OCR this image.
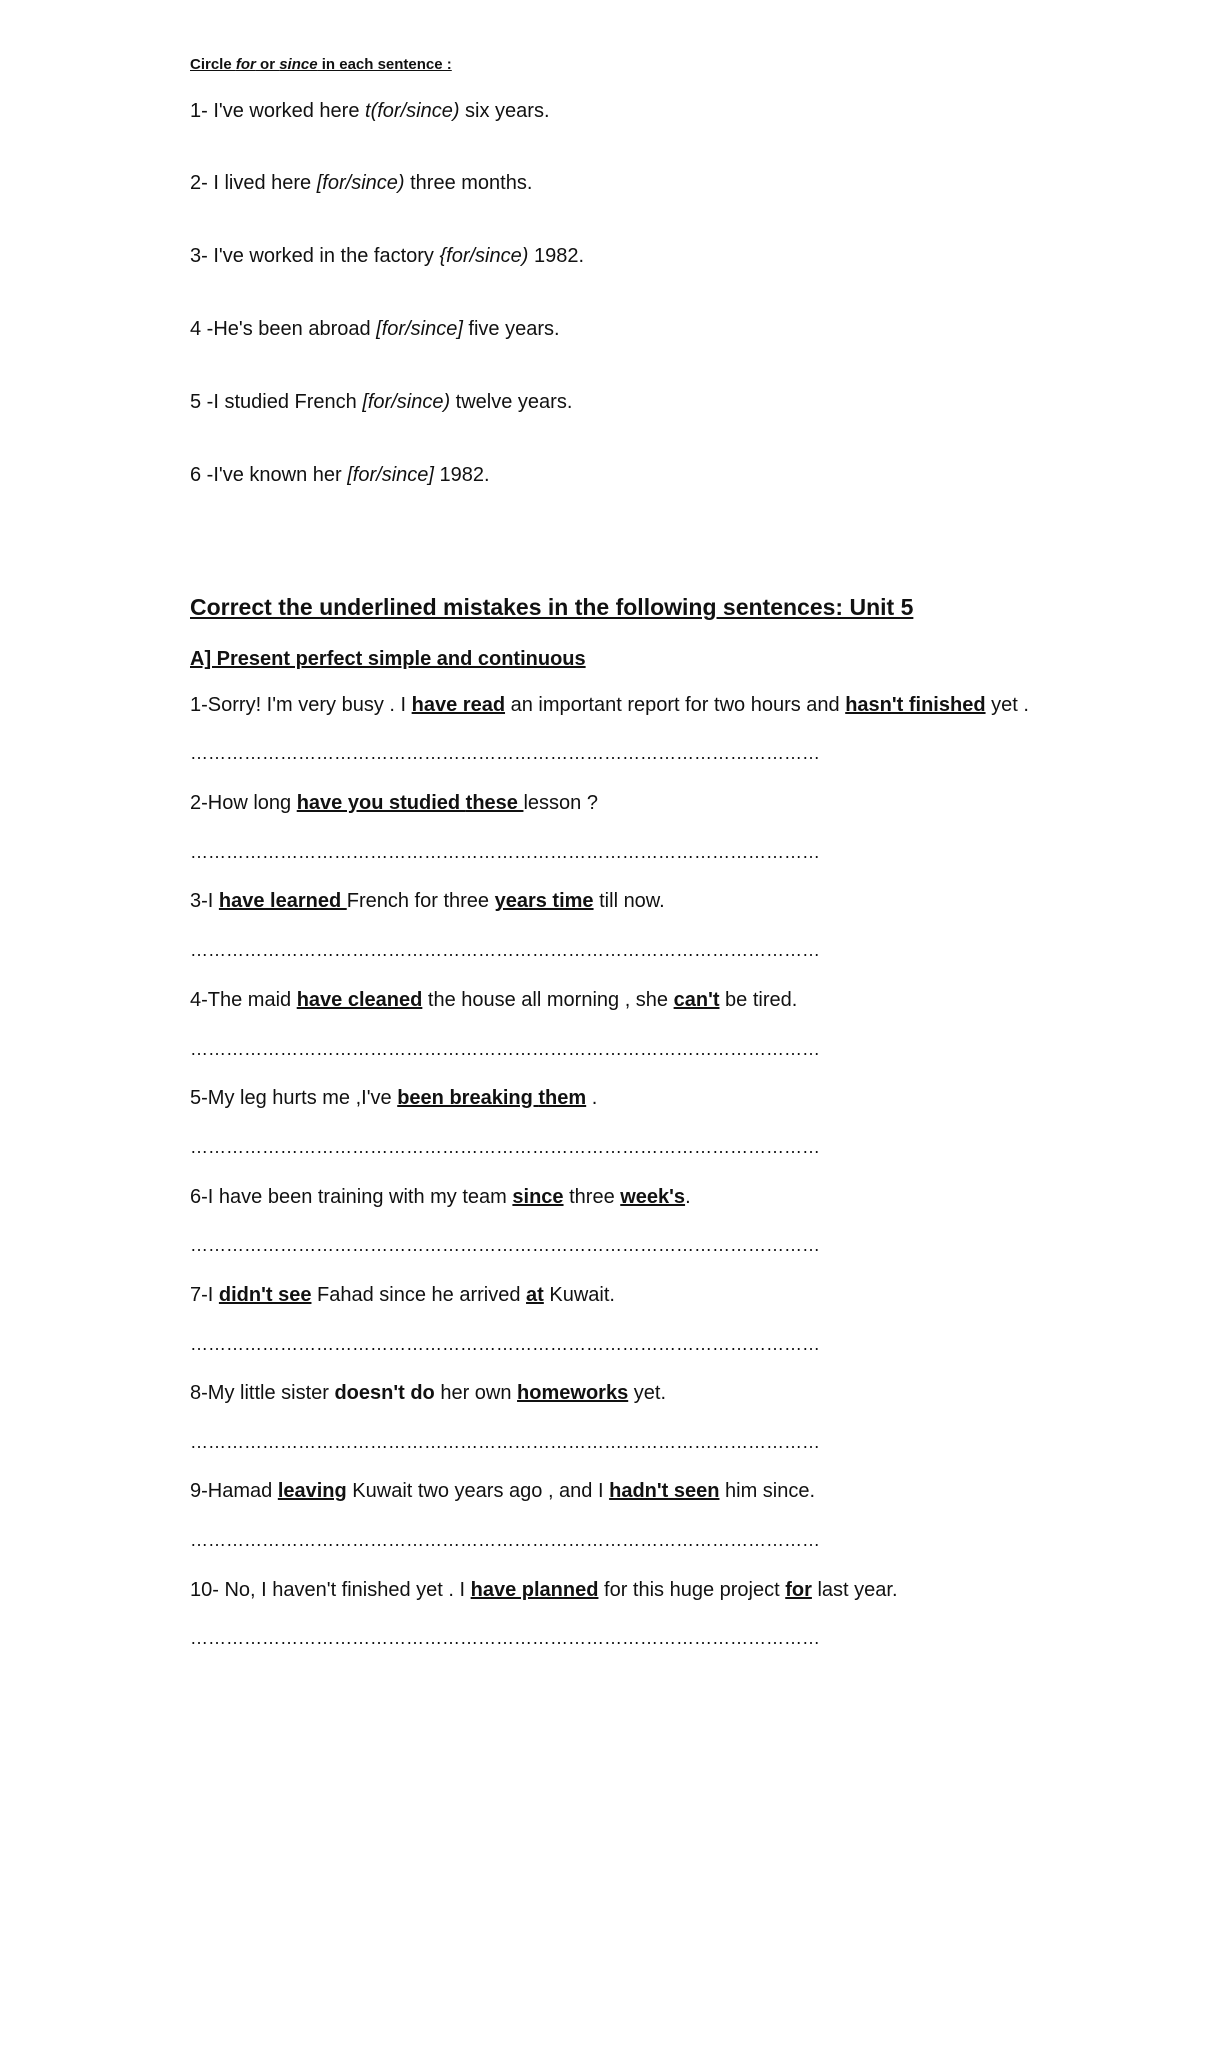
Circle for or since in each sentence :
1- I've worked here t(for/since) six years.
2- I lived here [for/since) three months.
3- I've worked in the factory {for/since) 1982.
4 -He's been abroad [for/since] five years.
5 -I studied French [for/since) twelve years.
6 -I've known her [for/since] 1982.
Correct the underlined mistakes in the following sentences: Unit 5
A] Present perfect simple and continuous
1-Sorry! I'm very busy . I have read an important report for two hours and hasn't finished yet .
……………………………………………………………………………………………
2-How long have you studied these lesson ?
……………………………………………………………………………………………
3-I have learned French for three years time till now.
……………………………………………………………………………………………
4-The maid have cleaned the house all morning , she can't be tired.
……………………………………………………………………………………………
5-My leg hurts me ,I've been breaking them .
……………………………………………………………………………………………
6-I have been training with my team since three week's.
……………………………………………………………………………………………
7-I didn't see Fahad since he arrived at Kuwait.
……………………………………………………………………………………………
8-My little sister doesn't do her own homeworks yet.
……………………………………………………………………………………………
9-Hamad leaving Kuwait two years ago , and I hadn't seen him since.
……………………………………………………………………………………………
10- No, I haven't finished yet . I have planned for this huge project for last year.
……………………………………………………………………………………………
